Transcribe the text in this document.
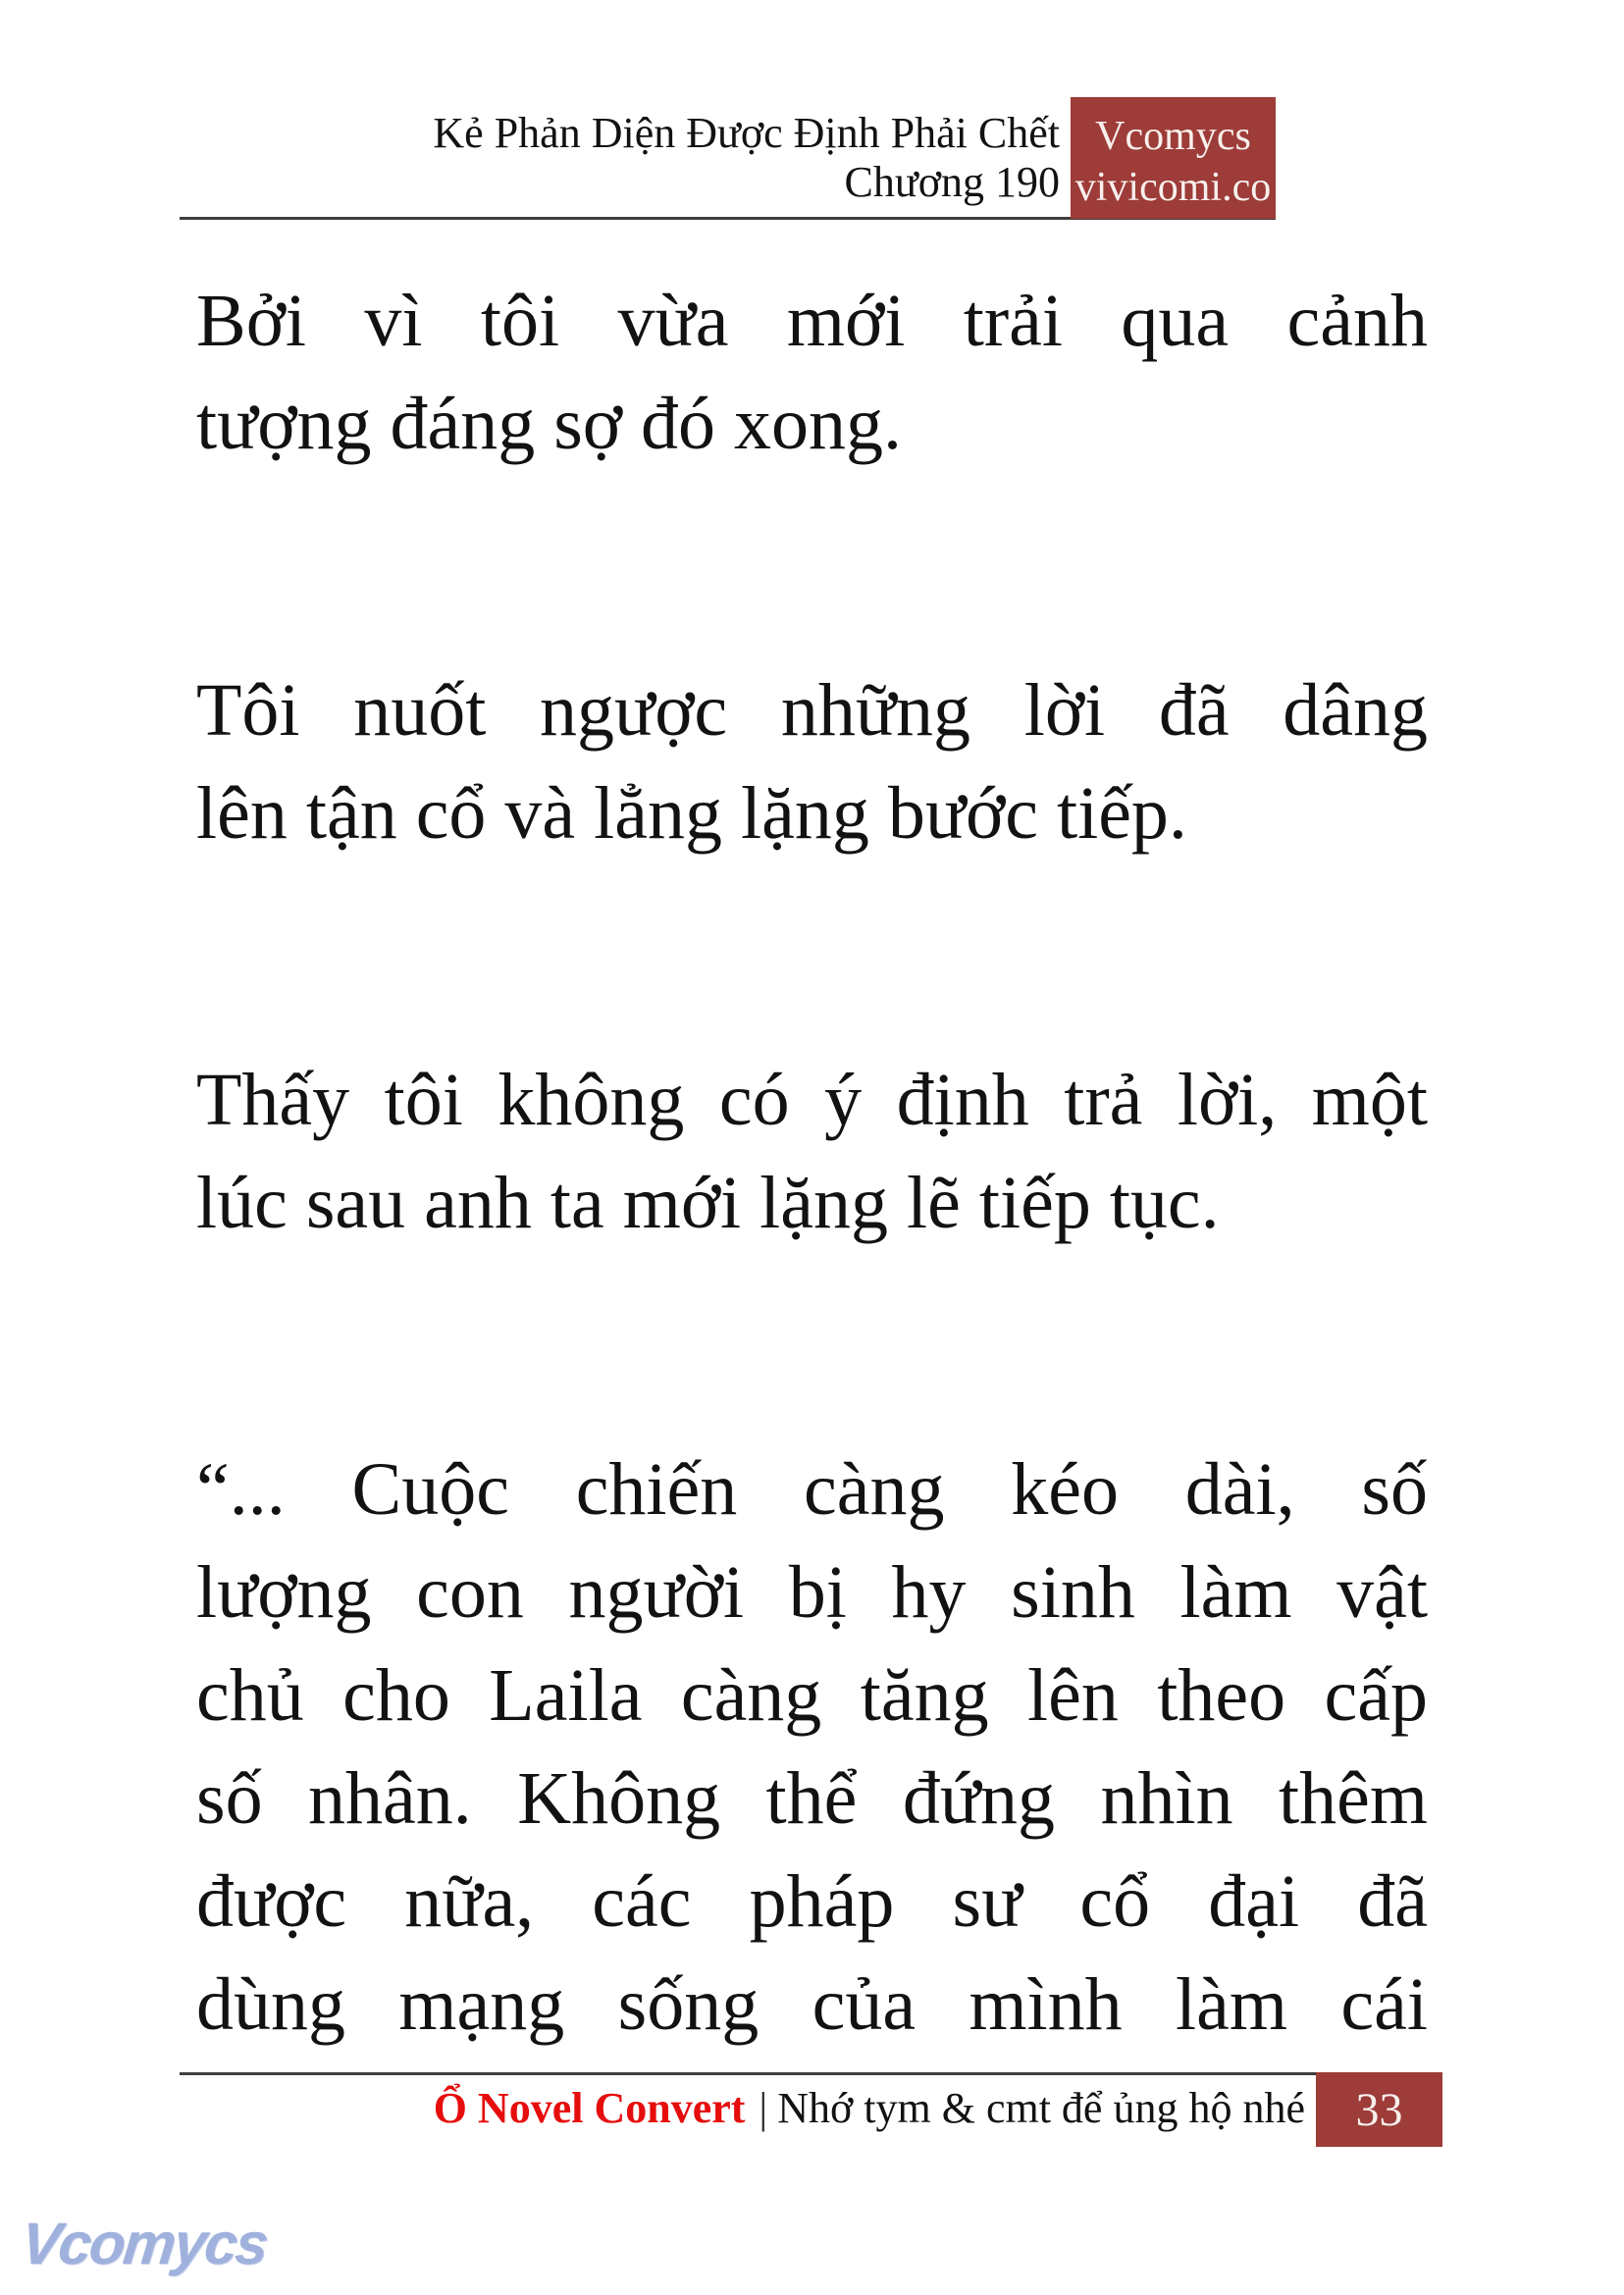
Kẻ Phản Diện Được Định Phải Chết
Chương 190
Vcomycs
vivicomi.co
Bởi vì tôi vừa mới trải qua cảnh
tượng đáng sợ đó xong.
Tôi nuốt ngược những lời đã dâng
lên tận cổ và lẳng lặng bước tiếp.
Thấy tôi không có ý định trả lời, một
lúc sau anh ta mới lặng lẽ tiếp tục.
“... Cuộc chiến càng kéo dài, số
lượng con người bị hy sinh làm vật
chủ cho Laila càng tăng lên theo cấp
số nhân. Không thể đứng nhìn thêm
được nữa, các pháp sư cổ đại đã
dùng mạng sống của mình làm cái
Ổ Novel Convert | Nhớ tym & cmt để ủng hộ nhé 33
Vcomycs
